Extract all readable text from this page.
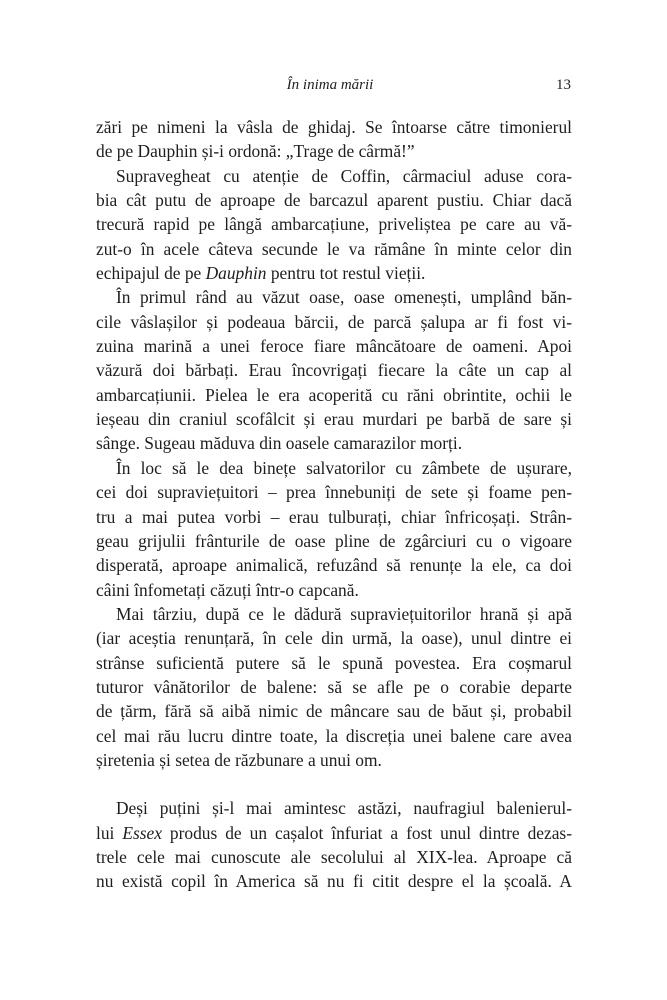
În inima mării	13
zări pe nimeni la vâsla de ghidaj. Se întoarse către timonierul
de pe Dauphin și-i ordonă: „Trage de cârmă!”
Supravegheat cu atenție de Coffin, cârmaciul aduse cora-
bia cât putu de aproape de barcazul aparent pustiu. Chiar dacă
trecură rapid pe lângă ambarcațiune, priveliștea pe care au vă-
zut-o în acele câteva secunde le va rămâne în minte celor din
echipajul de pe Dauphin pentru tot restul vieții.
În primul rând au văzut oase, oase omenești, umplând băn-
cile vâslașilor și podeaua bărcii, de parcă șalupa ar fi fost vi-
zuina marină a unei feroce fiare mâncătoare de oameni. Apoi
văzură doi bărbați. Erau încovrigați fiecare la câte un cap al
ambarcațiunii. Pielea le era acoperită cu răni obrintite, ochii le
ieșeau din craniul scofâlcit și erau murdari pe barbă de sare și
sânge. Sugeau măduva din oasele camarazilor morți.
În loc să le dea binețe salvatorilor cu zâmbete de ușurare,
cei doi supraviețuitori – prea înnebuniți de sete și foame pen-
tru a mai putea vorbi – erau tulburați, chiar înfricoșați. Strân-
geau grijulii frânturile de oase pline de zgârciuri cu o vigoare
disperată, aproape animalică, refuzând să renunțe la ele, ca doi
câini înfometați căzuți într-o capcană.
Mai târziu, după ce le dădură supraviețuitorilor hrană și apă
(iar aceștia renunțară, în cele din urmă, la oase), unul dintre ei
strânse suficientă putere să le spună povestea. Era coșmarul
tuturor vânătorilor de balene: să se afle pe o corabie departe
de țărm, fără să aibă nimic de mâncare sau de băut și, probabil
cel mai rău lucru dintre toate, la discreția unei balene care avea
șiretenia și setea de răzbunare a unui om.
Deși puțini și-l mai amintesc astăzi, naufragiul balenierul-
lui Essex produs de un cașalot înfuriat a fost unul dintre dezas-
trele cele mai cunoscute ale secolului al XIX-lea. Aproape că
nu există copil în America să nu fi citit despre el la școală. A
